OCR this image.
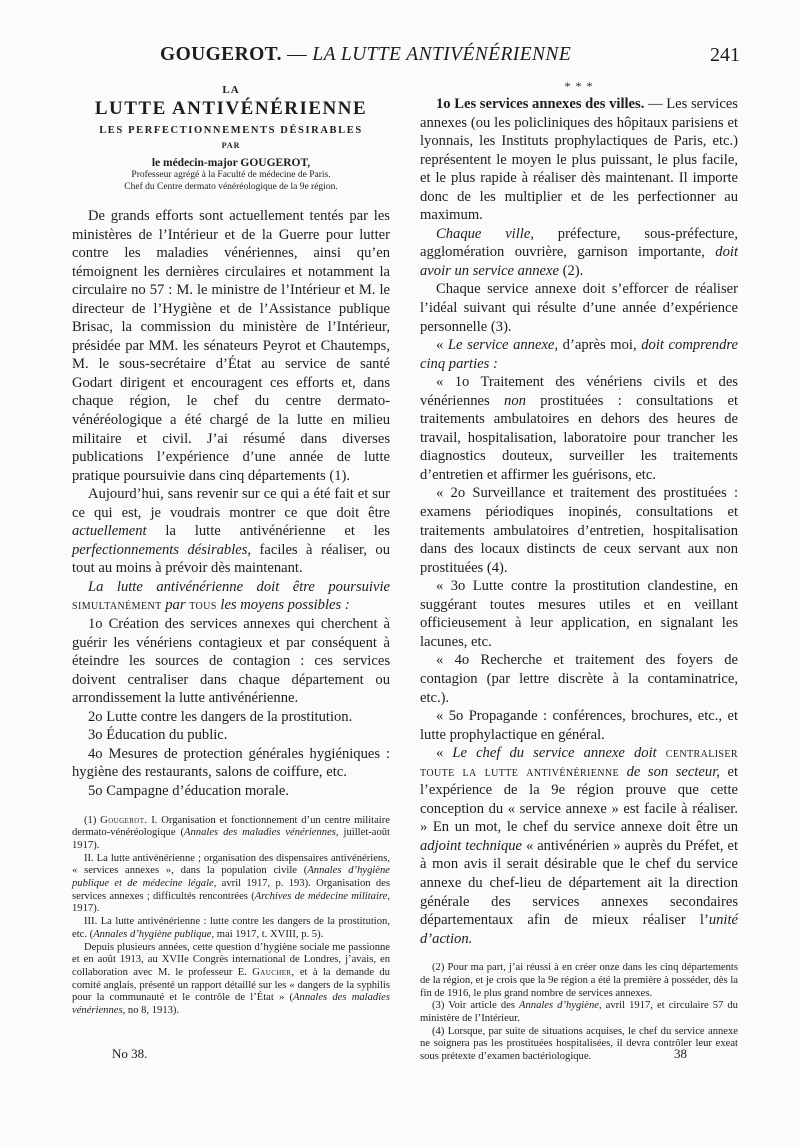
GOUGEROT. — LA LUTTE ANTIVÉNÉRIENNE	241
LA
LUTTE ANTIVÉNÉRIENNE
LES PERFECTIONNEMENTS DÉSIRABLES
PAR
le médecin-major GOUGEROT,
Professeur agrégé à la Faculté de médecine de Paris.
Chef du Centre dermato vénéréologique de la 9e région.

De grands efforts sont actuellement tentés par les ministères de l’Intérieur et de la Guerre pour lutter contre les maladies vénériennes, ainsi qu’en témoignent les dernières circulaires et notamment la circulaire no 57 : M. le ministre de l’Intérieur et M. le directeur de l’Hygiène et de l’Assistance publique Brisac, la commission du ministère de l’Intérieur, présidée par MM. les sénateurs Peyrot et Chautemps, M. le sous-secrétaire d’État au service de santé Godart dirigent et encouragent ces efforts et, dans chaque région, le chef du centre dermato-vénéréologique a été chargé de la lutte en milieu militaire et civil. J’ai résumé dans diverses publications l’expérience d’une année de lutte pratique poursuivie dans cinq départements (1).

Aujourd’hui, sans revenir sur ce qui a été fait et sur ce qui est, je voudrais montrer ce que doit être actuellement la lutte antivénérienne et les perfectionnements désirables, faciles à réaliser, ou tout au moins à prévoir dès maintenant.

La lutte antivénérienne doit être poursuivie simultanément par tous les moyens possibles :

1o Création des services annexes qui cherchent à guérir les vénériens contagieux et par conséquent à éteindre les sources de contagion : ces services doivent centraliser dans chaque département ou arrondissement la lutte antivénérienne.

2o Lutte contre les dangers de la prostitution.

3o Éducation du public.

4o Mesures de protection générales hygiéniques : hygiène des restaurants, salons de coiffure, etc.

5o Campagne d’éducation morale.

(1) Gougerot. I. Organisation et fonctionnement d’un centre militaire dermato-vénéréologique (Annales des maladies vénériennes, juillet-août 1917).

II. La lutte antivénérienne ; organisation des dispensaires antivénériens, « services annexes », dans la population civile (Annales d’hygiène publique et de médecine légale, avril 1917, p. 193). Organisation des services annexes ; difficultés rencontrées (Archives de médecine militaire, 1917).

III. La lutte antivénérienne : lutte contre les dangers de la prostitution, etc. (Annales d’hygiène publique, mai 1917, t. XVIII, p. 5).

Depuis plusieurs années, cette question d’hygiène sociale me passionne et en août 1913, au XVIIe Congrès international de Londres, j’avais, en collaboration avec M. le professeur E. Gaucher, et à la demande du comité anglais, présenté un rapport détaillé sur les « dangers de la syphilis pour la communauté et le contrôle de l’État » (Annales des maladies vénériennes, no 8, 1913).

* * *

1o Les services annexes des villes. — Les services annexes (ou les policliniques des hôpitaux parisiens et lyonnais, les Instituts prophylactiques de Paris, etc.) représentent le moyen le plus puissant, le plus facile, et le plus rapide à réaliser dès maintenant. Il importe donc de les multiplier et de les perfectionner au maximum.

Chaque ville, préfecture, sous-préfecture, agglomération ouvrière, garnison importante, doit avoir un service annexe (2).

Chaque service annexe doit s’efforcer de réaliser l’idéal suivant qui résulte d’une année d’expérience personnelle (3).

« Le service annexe, d’après moi, doit comprendre cinq parties :

« 1o Traitement des vénériens civils et des vénériennes non prostituées : consultations et traitements ambulatoires en dehors des heures de travail, hospitalisation, laboratoire pour trancher les diagnostics douteux, surveiller les traitements d’entretien et affirmer les guérisons, etc.

« 2o Surveillance et traitement des prostituées : examens périodiques inopinés, consultations et traitements ambulatoires d’entretien, hospitalisation dans des locaux distincts de ceux servant aux non prostituées (4).

« 3o Lutte contre la prostitution clandestine, en suggérant toutes mesures utiles et en veillant officieusement à leur application, en signalant les lacunes, etc.

« 4o Recherche et traitement des foyers de contagion (par lettre discrète à la contaminatrice, etc.).

« 5o Propagande : conférences, brochures, etc., et lutte prophylactique en général.

« Le chef du service annexe doit centraliser toute la lutte antivénérienne de son secteur, et l’expérience de la 9e région prouve que cette conception du « service annexe » est facile à réaliser. » En un mot, le chef du service annexe doit être un adjoint technique « antivénérien » auprès du Préfet, et à mon avis il serait désirable que le chef du service annexe du chef-lieu de département ait la direction générale des services annexes secondaires départementaux afin de mieux réaliser l’unité d’action.

(2) Pour ma part, j’ai réussi à en créer onze dans les cinq départements de la région, et je crois que la 9e région a été la première à posséder, dès la fin de 1916, le plus grand nombre de services annexes.

(3) Voir article des Annales d’hygiène, avril 1917, et circulaire 57 du ministère de l’Intérieur.

(4) Lorsque, par suite de situations acquises, le chef du service annexe ne soignera pas les prostituées hospitalisées, il devra contrôler leur exeat sous prétexte d’examen bactériologique.

No 38.	38
